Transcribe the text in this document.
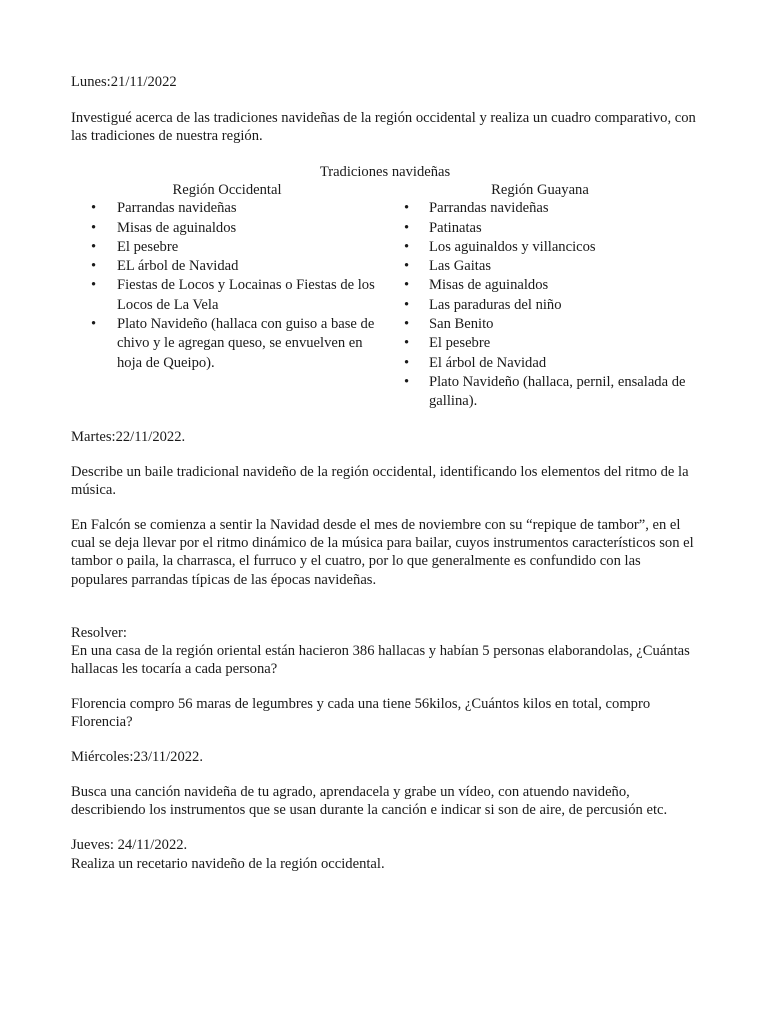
Lunes:21/11/2022

Investigué acerca de las tradiciones navideñas de la región occidental y realiza un cuadro comparativo, con las tradiciones de nuestra región.

Tradiciones navideñas

Región Occidental

• Parrandas navideñas
• Misas de aguinaldos
• El pesebre
• EL árbol de Navidad
• Fiestas de Locos y Locainas o Fiestas de los Locos de La Vela
• Plato Navideño (hallaca con guiso a base de chivo y le agregan queso, se envuelven en hoja de Queipo).

Región Guayana

• Parrandas navideñas
• Patinatas
• Los aguinaldos y villancicos
• Las Gaitas
• Misas de aguinaldos
• Las paraduras del niño
• San Benito
• El pesebre
• El árbol de Navidad
• Plato Navideño (hallaca, pernil, ensalada de gallina).

Martes:22/11/2022.

Describe un baile tradicional navideño de la región occidental, identificando los elementos del ritmo de la música.

En Falcón se comienza a sentir la Navidad desde el mes de noviembre con su “repique de tambor”, en el cual se deja llevar por el ritmo dinámico de la música para bailar, cuyos instrumentos característicos son el tambor o paila, la charrasca, el furruco y el cuatro, por lo que generalmente es confundido con las populares parrandas típicas de las épocas navideñas.

Resolver:

En una casa de la región oriental están hacieron 386 hallacas y habían 5 personas elaborandolas, ¿Cuántas hallacas les tocaría a cada persona?

Florencia compro 56 maras de legumbres y cada una tiene 56kilos, ¿Cuántos kilos en total, compro Florencia?

Miércoles:23/11/2022.

Busca una canción navideña de tu agrado, aprendacela y grabe un vídeo, con atuendo navideño, describiendo los instrumentos que se usan durante la canción e indicar si son de aire, de percusión etc.

Jueves: 24/11/2022.

Realiza un recetario navideño de la región occidental.
